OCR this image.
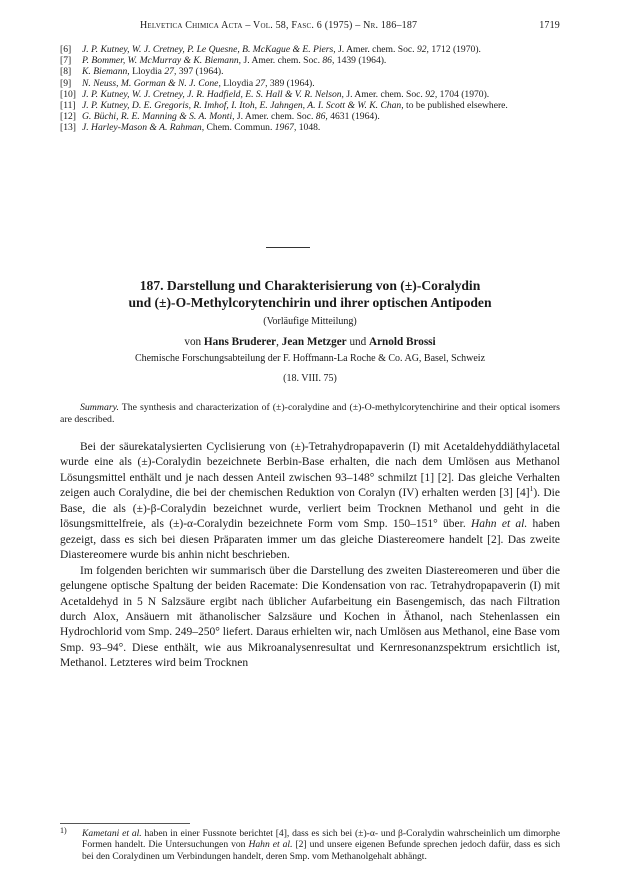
Helvetica Chimica Acta – Vol. 58, Fasc. 6 (1975) – Nr. 186–187	1719
[6] J. P. Kutney, W. J. Cretney, P. Le Quesne, B. McKague & E. Piers, J. Amer. chem. Soc. 92, 1712 (1970).
[7] P. Bommer, W. McMurray & K. Biemann, J. Amer. chem. Soc. 86, 1439 (1964).
[8] K. Biemann, Lloydia 27, 397 (1964).
[9] N. Neuss, M. Gorman & N. J. Cone, Lloydia 27, 389 (1964).
[10] J. P. Kutney, W. J. Cretney, J. R. Hadfield, E. S. Hall & V. R. Nelson, J. Amer. chem. Soc. 92, 1704 (1970).
[11] J. P. Kutney, D. E. Gregoris, R. Imhof, I. Itoh, E. Jahngen, A. I. Scott & W. K. Chan, to be published elsewhere.
[12] G. Büchi, R. E. Manning & S. A. Monti, J. Amer. chem. Soc. 86, 4631 (1964).
[13] J. Harley-Mason & A. Rahman, Chem. Commun. 1967, 1048.
187. Darstellung und Charakterisierung von (±)-Coralydin
und (±)-O-Methylcorytenchirin und ihrer optischen Antipoden
(Vorläufige Mitteilung)
von Hans Bruderer, Jean Metzger und Arnold Brossi
Chemische Forschungsabteilung der F. Hoffmann-La Roche & Co. AG, Basel, Schweiz
(18. VIII. 75)
Summary. The synthesis and characterization of (±)-coralydine and (±)-O-methylcorytenchirine and their optical isomers are described.

Bei der säurekatalysierten Cyclisierung von (±)-Tetrahydropapaverin (I) mit Acetaldehyddiäthylacetal wurde eine als (±)-Coralydin bezeichnete Berbin-Base erhalten, die nach dem Umlösen aus Methanol Lösungsmittel enthält und je nach dessen Anteil zwischen 93–148° schmilzt [1] [2]. Das gleiche Verhalten zeigen auch Coralydine, die bei der chemischen Reduktion von Coralyn (IV) erhalten werden [3] $[4]^1$). Die Base, die als (±)-β-Coralydin bezeichnet wurde, verliert beim Trocknen Methanol und geht in die lösungsmittelfreie, als (±)-α-Coralydin bezeichnete Form vom Smp. 150–151° über. Hahn et al. haben gezeigt, dass es sich bei diesen Präparaten immer um das gleiche Diastereomere handelt [2]. Das zweite Diastereomere wurde bis anhin nicht beschrieben.

Im folgenden berichten wir summarisch über die Darstellung des zweiten Diastereomeren und über die gelungene optische Spaltung der beiden Racemate: Die Kondensation von rac. Tetrahydropapaverin (I) mit Acetaldehyd in 5 N Salzsäure ergibt nach üblicher Aufarbeitung ein Basengemisch, das nach Filtration durch Alox, Ansäuern mit äthanolischer Salzsäure und Kochen in Äthanol, nach Stehenlassen ein Hydrochlorid vom Smp. 249–250° liefert. Daraus erhielten wir, nach Umlösen aus Methanol, eine Base vom Smp. 93–94°. Diese enthält, wie aus Mikroanalysenresultat und Kernresonanzspektrum ersichtlich ist, Methanol. Letzteres wird beim Trocknen

1)	Kametani et al. haben in einer Fussnote berichtet [4], dass es sich bei (±)-α- und β-Coralydin wahrscheinlich um dimorphe Formen handelt. Die Untersuchungen von Hahn et al. [2] und unsere eigenen Befunde sprechen jedoch dafür, dass es sich bei den Coralydinen um Verbindungen handelt, deren Smp. vom Methanolgehalt abhängt.
